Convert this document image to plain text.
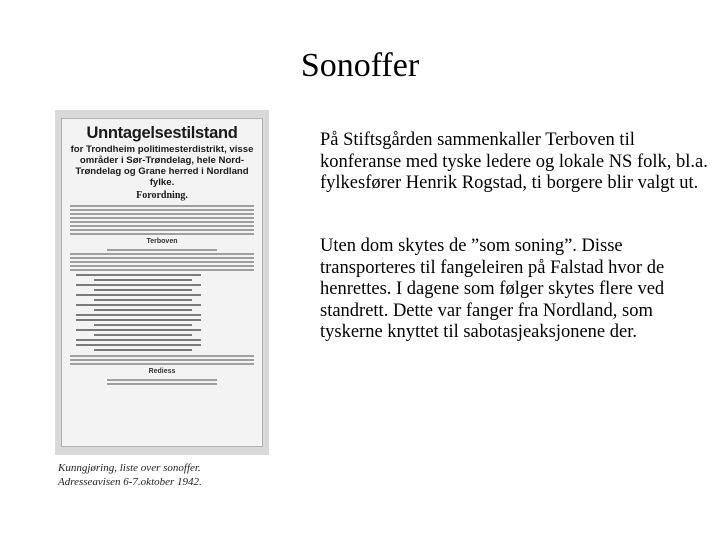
Sonoffer

På Stiftsgården sammenkaller Terboven til konferanse med tyske ledere og lokale NS folk, bl.a. fylkesfører Henrik Rogstad, ti borgere blir valgt ut.

Uten dom skytes de ”som soning”. Disse transporteres til fangeleiren på Falstad hvor de henrettes. I dagene som følger skytes flere ved standrett. Dette var fanger fra Nordland, som tyskerne knyttet til sabotasjeaksjonene der.

Unntagelsestilstand
for Trondheim politimesterdistrikt, visse områder i Sør-Trøndelag, hele Nord-Trøndelag og Grane herred i Nordland fylke.
Forordning.
Terboven
Rediess
Kunngjøring, liste over sonoffer.
Adresseavisen 6-7.oktober 1942.
